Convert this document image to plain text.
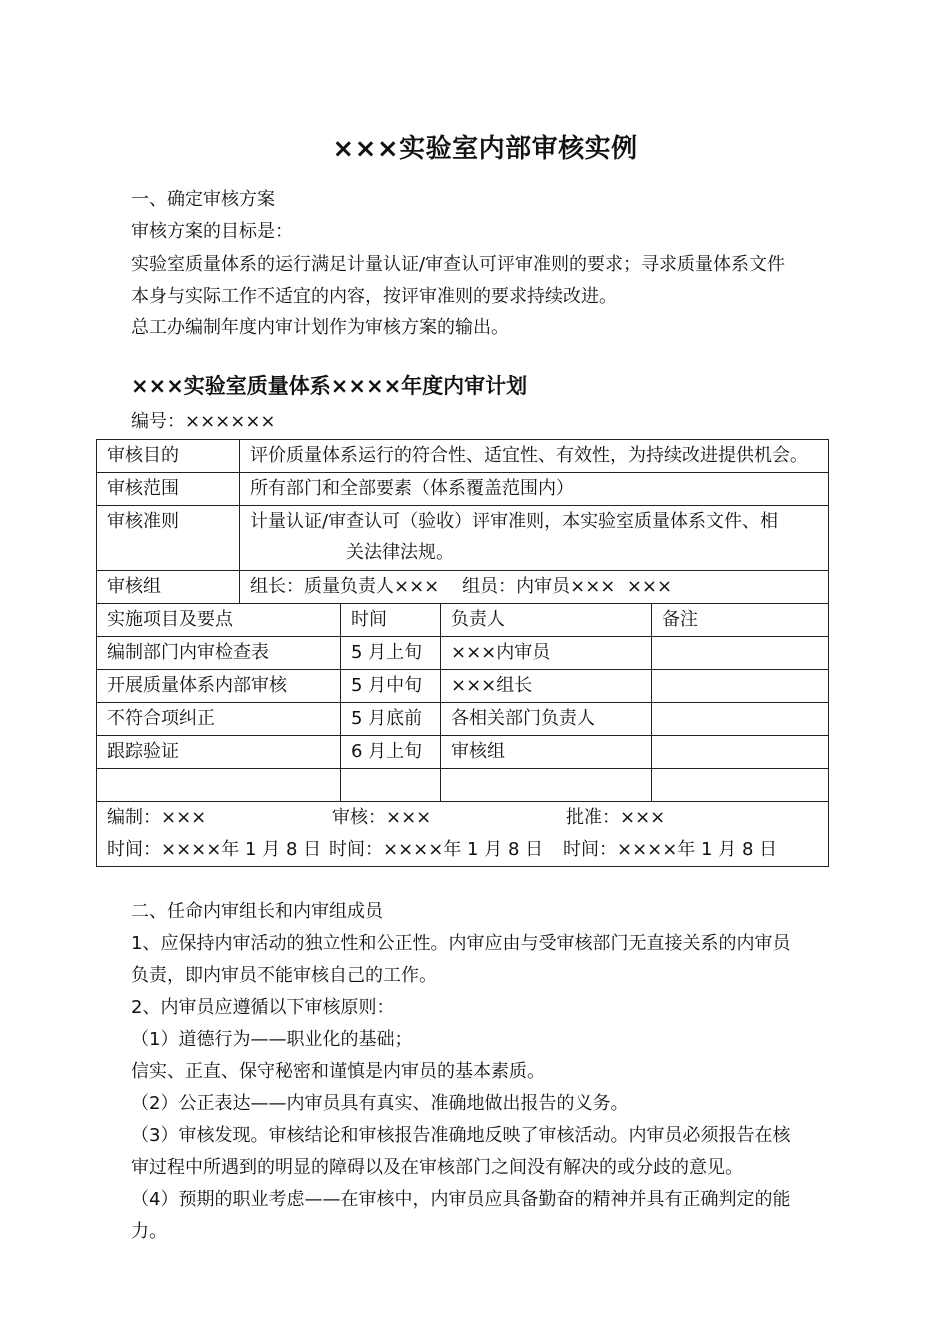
×××实验室内部审核实例
一、确定审核方案
审核方案的目标是：
实验室质量体系的运行满足计量认证/审查认可评审准则的要求；寻求质量体系文件
本身与实际工作不适宜的内容，按评审准则的要求持续改进。
总工办编制年度内审计划作为审核方案的输出。
×××实验室质量体系××××年度内审计划
编号：××××××
审核目的	评价质量体系运行的符合性、适宜性、有效性，为持续改进提供机会。			
审核范围	所有部门和全部要素（体系覆盖范围内）			
审核准则	计量认证/审查认可（验收）评审准则，本实验室质量体系文件、相
关法律法规。			

审核组	组长：质量负责人×××    组员：内审员×××  ×××			
实施项目及要点		时间	负责人	备注
编制部门内审检查表		5 月上旬	×××内审员	
开展质量体系内部审核		5 月中旬	×××组长	
不符合项纠正		5 月底前	各相关部门负责人	
跟踪验证		6 月上旬	审核组	

编制：××× 审核：××× 批准：×××
时间：××××年 1 月 8 日 时间：××××年 1 月 8 日 时间：××××年 1 月 8 日				
二、任命内审组长和内审组成员
1、应保持内审活动的独立性和公正性。内审应由与受审核部门无直接关系的内审员
负责，即内审员不能审核自己的工作。
2、内审员应遵循以下审核原则：
（1）道德行为——职业化的基础；
信实、正直、保守秘密和谨慎是内审员的基本素质。
（2）公正表达——内审员具有真实、准确地做出报告的义务。
（3）审核发现。审核结论和审核报告准确地反映了审核活动。内审员必须报告在核
审过程中所遇到的明显的障碍以及在审核部门之间没有解决的或分歧的意见。
（4）预期的职业考虑——在审核中，内审员应具备勤奋的精神并具有正确判定的能
力。
